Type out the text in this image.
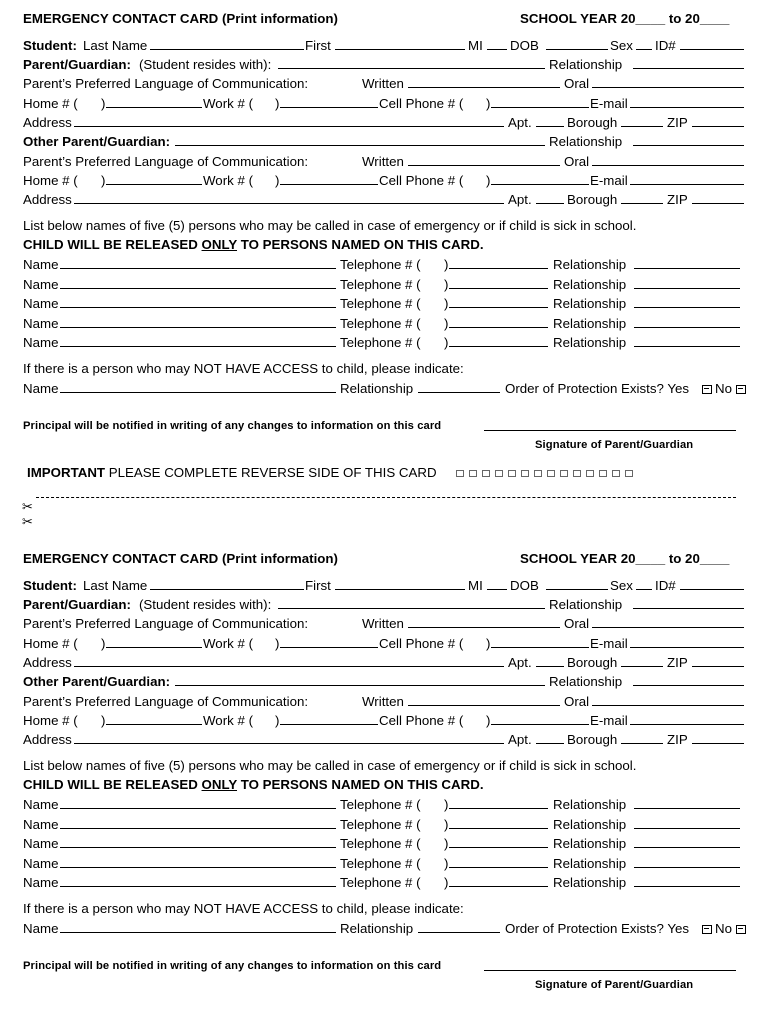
EMERGENCY CONTACT CARD (Print information)	SCHOOL YEAR 20____ to 20____
Student: Last Name	First	MI DOB	Sex ID#
Parent/Guardian: (Student resides with):	Relationship
Parent’s Preferred Language of Communication:	Written	Oral
Home # ( )	Work # ( )	Cell Phone # ( )	E-mail
Address	Apt.	Borough	ZIP
Other Parent/Guardian:	Relationship
Parent’s Preferred Language of Communication:	Written	Oral
Home # ( )	Work # ( )	Cell Phone # ( )	E-mail
Address	Apt.	Borough	ZIP
List below names of five (5) persons who may be called in case of emergency or if child is sick in school.
CHILD WILL BE RELEASED ONLY TO PERSONS NAMED ON THIS CARD.
Name	Telephone # ( )	Relationship
Name	Telephone # ( )	Relationship
Name	Telephone # ( )	Relationship
Name	Telephone # ( )	Relationship
Name	Telephone # ( )	Relationship
If there is a person who may NOT HAVE ACCESS to child, please indicate:
Name	Relationship	Order of Protection Exists? Yes No
Principal will be notified in writing of any changes to information on this card
Signature of Parent/Guardian
IMPORTANT PLEASE COMPLETE REVERSE SIDE OF THIS CARD
✂
✂
EMERGENCY CONTACT CARD (Print information)	SCHOOL YEAR 20____ to 20____
Student: Last Name	First	MI DOB	Sex ID#
Parent/Guardian: (Student resides with):	Relationship
Parent’s Preferred Language of Communication:	Written	Oral
Home # ( )	Work # ( )	Cell Phone # ( )	E-mail
Address	Apt.	Borough	ZIP
Other Parent/Guardian:	Relationship
Parent’s Preferred Language of Communication:	Written	Oral
Home # ( )	Work # ( )	Cell Phone # ( )	E-mail
Address	Apt.	Borough	ZIP
List below names of five (5) persons who may be called in case of emergency or if child is sick in school.
CHILD WILL BE RELEASED ONLY TO PERSONS NAMED ON THIS CARD.
Name	Telephone # ( )	Relationship
Name	Telephone # ( )	Relationship
Name	Telephone # ( )	Relationship
Name	Telephone # ( )	Relationship
Name	Telephone # ( )	Relationship
If there is a person who may NOT HAVE ACCESS to child, please indicate:
Name	Relationship	Order of Protection Exists? Yes No
Principal will be notified in writing of any changes to information on this card
Signature of Parent/Guardian
